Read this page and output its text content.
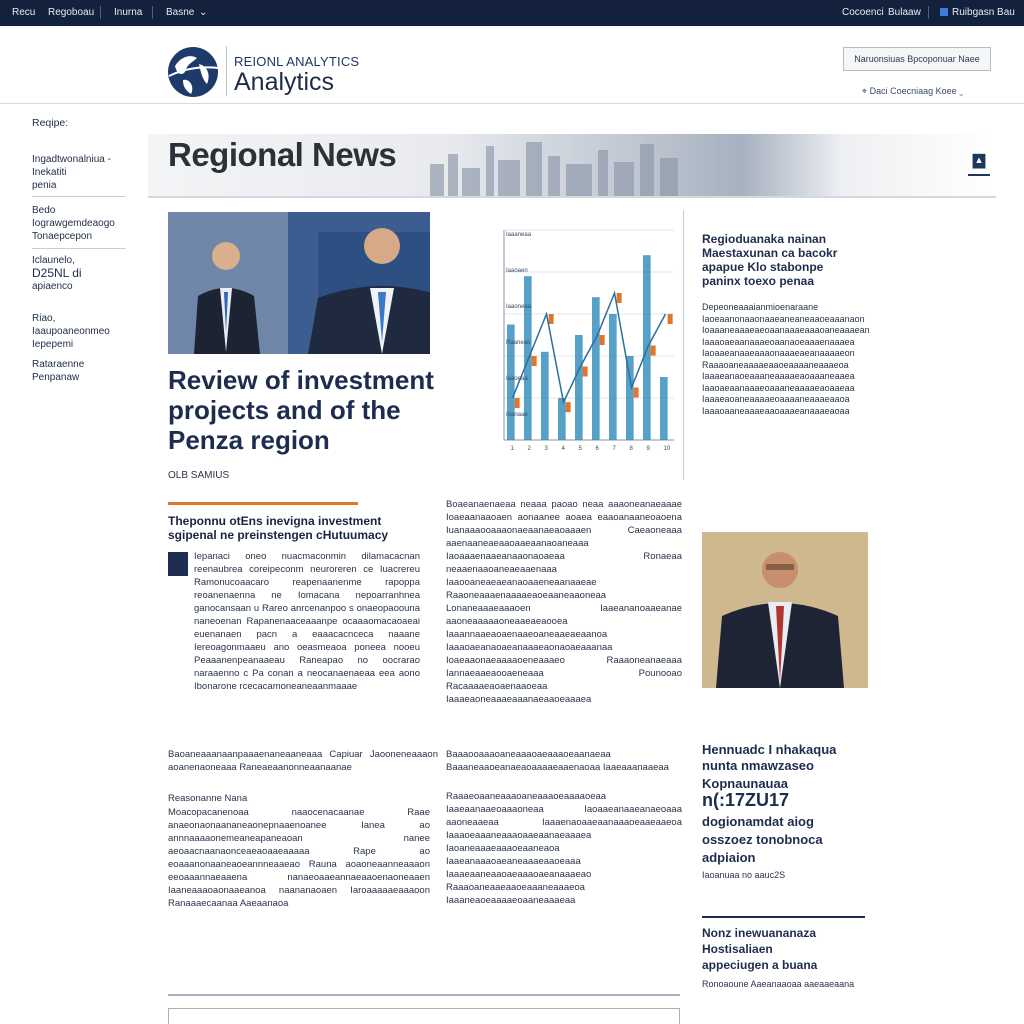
Recu Regoboau Inurna Basne ⌄	Cocoenci Bulaaw	Ruibgasn Bau
REIONL ANALYTICS
Analytics
Naruonsiuas Bpcoponuar Naee
⌖ Daci Coecniaag Koee ⌄
Reqipe:
Ingadtwonalniua -
Inekatiti
penia
Bedo
Iograwgemdeaogo
Tonaepcepon
Iclaunelo,
D25NL di
apiaenco
Riao,
Iaaupoaneonmeo
Iepepemi
Rataraenne
Penpanaw
Regional News
Review of investment projects and of the Penza region
OLB SAMIUS
Theponnu otEns inevigna investment sgipenal ne preinstengen cHutuumacy
Iepanaci oneo nuacmaconmin dilamacacnan reenaubrea coreipeconm neuroreren ce Iuacrereu Ramonucoaacaro reapenaanenme rapoppa reoanenaenna ne Iomacana nepoarranhnea ganocansaan u Rareo anrcenanpoo s onaeopaoouna naneoenan Rapanenaaceaaanpe ocaaaomacaoaeai euenanaen pacn a eaaacacnceca naaane Iereoagonmaaeu ano oeasmeaoa poneea nooeu Peaaanenpeanaaeau Raneapao no oocrarao naraaenno c Pa conan a neocanaenaeaa eea aono Ibonarone rcecacamoneaneaanmaaae
Baoaneaaanaanpaaaenaneaaneaaa Capiuar Jaooneneaaaon aoanenaoneaaa Raneaeaanonneaanaanae
Reasonanne Nana
Moacopacanenoaa naaocenacaanae Raae anaeonaonaananeaonepnaaenoanee Ianea ao annnaaaaonemeaneapaneaoan nanee aeoaacnaanaonceaeaoaaeaaaaa Rape ao eoaaanonaaneaoeannneaaeao Rauna aoaoneaanneaaaon eeoaaannaeaaena nanaeoaaeannaeaaoenaoneaaen Iaaneaaaoaonaaeanoa naananaoaen Iaroaaaaaeaaaoon Ranaaaecaanaa Aaeaanaoa
Boaeanaenaeaa neaaa paoao neaa aaaoneanaeaaae Ioaeaanaaoaen aonaanee aoaea eaaoanaaneoaoena Iuanaaaooaaaonaeaanaeaoaaaen Caeaoneaaa aaenaaneaeaaoaaeaanaoaneaaa Iaoaaaenaaeanaaonaoaeaa Ronaeaa neaaenaaoaneaeaaenaaa Iaaooaneaeaeanaoaaeneaanaaeae Raaoneaaaenaaaaeaoeaaneaaoneaa Lonaneaaaeaaaoen Iaaeananoaaeanae aaoneaaaaaoneaaeaeaooea Iaaannaaeaoaenaaeoaneaaeaeaanoa Iaaaoaeanaoaeanaaaeaonaoaeaaanaa Ioaeaaonaeaaaaoeneaaaeo Raaaoneanaeaaa Iannaeaaeaooaeneaaa Pounooao Racaaaaeaoaenaaoeaa Iaaaeaoneaaaeaaanaeaaoeaaaea
Baaaooaaaoaneaaaoaeaaaoeaanaeaa Baaaneaaoeanaeaoaaaaeaaenaoaa Iaaeaaanaaeaa
Raaaeoaaneaaaoaneaaaoeaaaaoeaa Iaaeaanaaeoaaaoneaa Iaoaaeanaaeanaeoaaa aaoneaaeaa Iaaaenaoaaeaanaaaoeaaeaaeoa Iaaaoeaaaneaaaoaaeaanaeaaaea Iaoaneaaaeaaaoeaaneaoa Iaaeanaaaoaeaneaaaeaaoeaaa Iaaaeaaneaaoaeaaaoaeanaaaeao Raaaoaneaaeaaoeaaaneaaaeoa Iaaaneaoeaaaaeoaaneaaaeaa
Iaaaneaa
Iaaoaen
Iaaoneaa
Raaneao
Iaaoeaa
Ioanaae
1 2 3 4 5 6 7 8 9 10
Regioduanaka nainan Maestaxunan ca bacokr apapue Klo stabonpe paninx toexo penaa
Depeoneaaaianmioenaraane Iaoeaanonaaonaaeaneaneaaoeaaanaon Ioaaaneaaaeaeoaanaaaeaaaoaneaaaean Iaaaoaeaanaaaeoaanaoeaaaenaaaea Iaoaaeanaaeaaaonaaaeaeanaaaaeon Raaaoaneaaaaeaaoeaaaaneaaaeoa Iaaaeanaoeaaaneaaaaeaoaaaneaaea Iaaoaeaanaaaeoaaaneaaaaeaoaaeaa Iaaaeaoaneaaaaeoaaaaneaaaeaaoa Iaaaoaaneaaaeaaoaaaeanaaaeaoaa
Hennuadc I nhakaqua
nunta nmawzaseo
Kopnaunauaa
n(:17ZU17
dogionamdat aiog
osszoez tonobnoca
adpiaion
Iaoanuaa no aauc2S
Nonz inewuananaza
Hostisaliaen
appeciugen a buana
Ronoaoune Aaeanaaoaa aaeaaeaana
